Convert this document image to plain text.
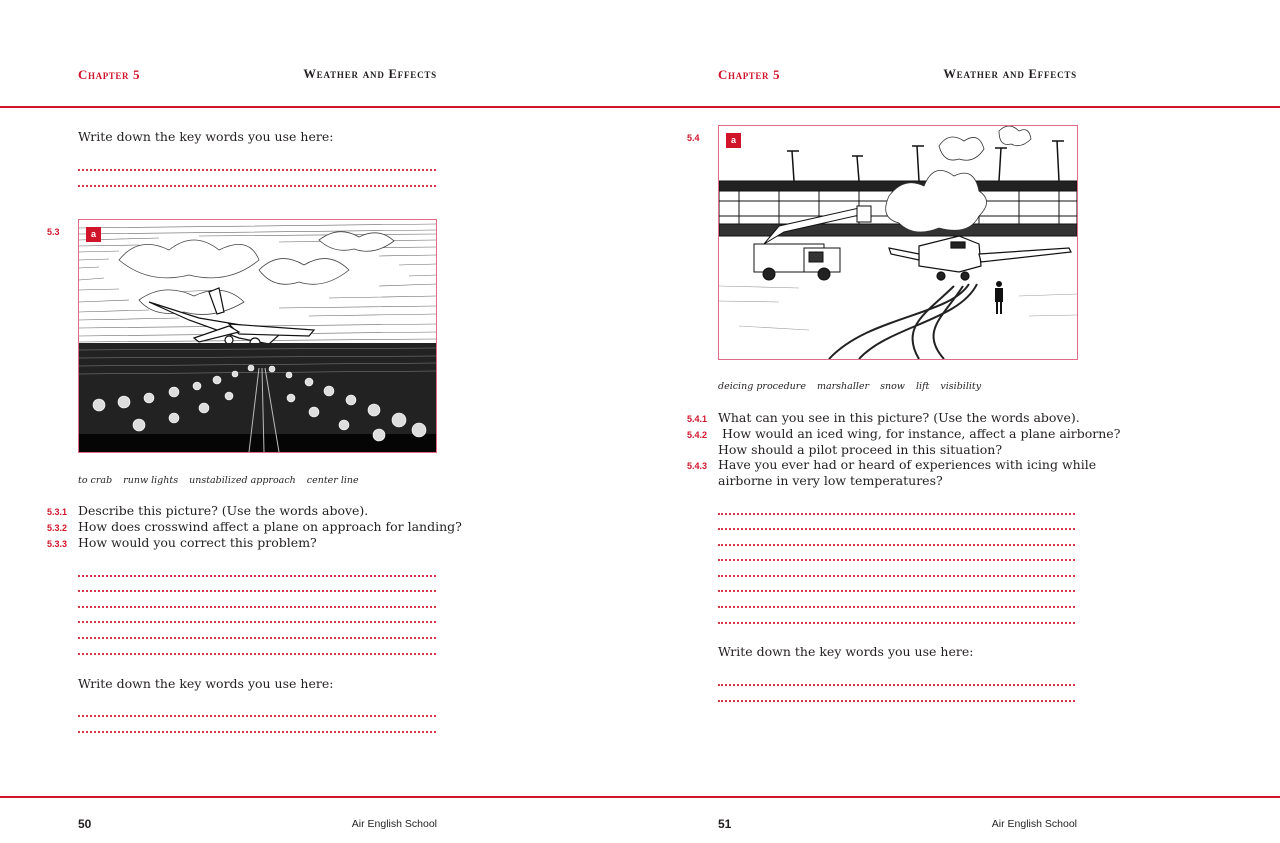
Chapter 5	Weather and Effects	Chapter 5	Weather and Effects
Write down the key words you use here:
5.3	a
to crab runw lights unstabilized approach center line
5.3.1 Describe this picture? (Use the words above).
5.3.2 How does crosswind affect a plane on approach for landing?
5.3.3 How would you correct this problem?
Write down the key words you use here:
5.4	a
deicing procedure marshaller snow lift visibility
5.4.1 What can you see in this picture? (Use the words above).
5.4.2 How would an iced wing, for instance, affect a plane airborne?
How should a pilot proceed in this situation?
5.4.3 Have you ever had or heard of experiences with icing while
airborne in very low temperatures?
Write down the key words you use here:
50	Air English School	51	Air English School
